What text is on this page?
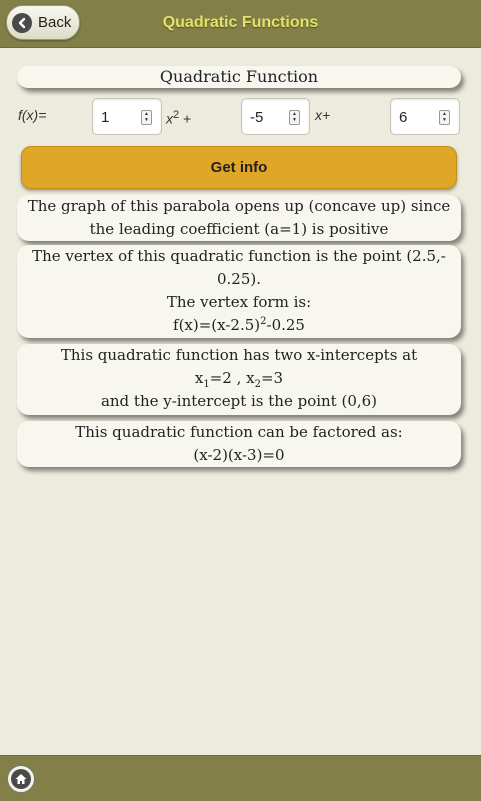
Back	Quadratic Functions
Quadratic Function
f(x)=
1	▲
▼ $x^2$ +
-5	▲
▼ x+
6	▲
▼
Get info
The graph of this parabola opens up (concave up) since
the leading coefficient (a=1) is positive
The vertex of this quadratic function is the point (2.5,-
0.25).
The vertex form is:
$f(x)=(x-2.5)^2-0.25$
This quadratic function has two x-intercepts at
$x_1=2$ , $x_2=3$
and the y-intercept is the point (0,6)
This quadratic function can be factored as:
(x-2)(x-3)=0
